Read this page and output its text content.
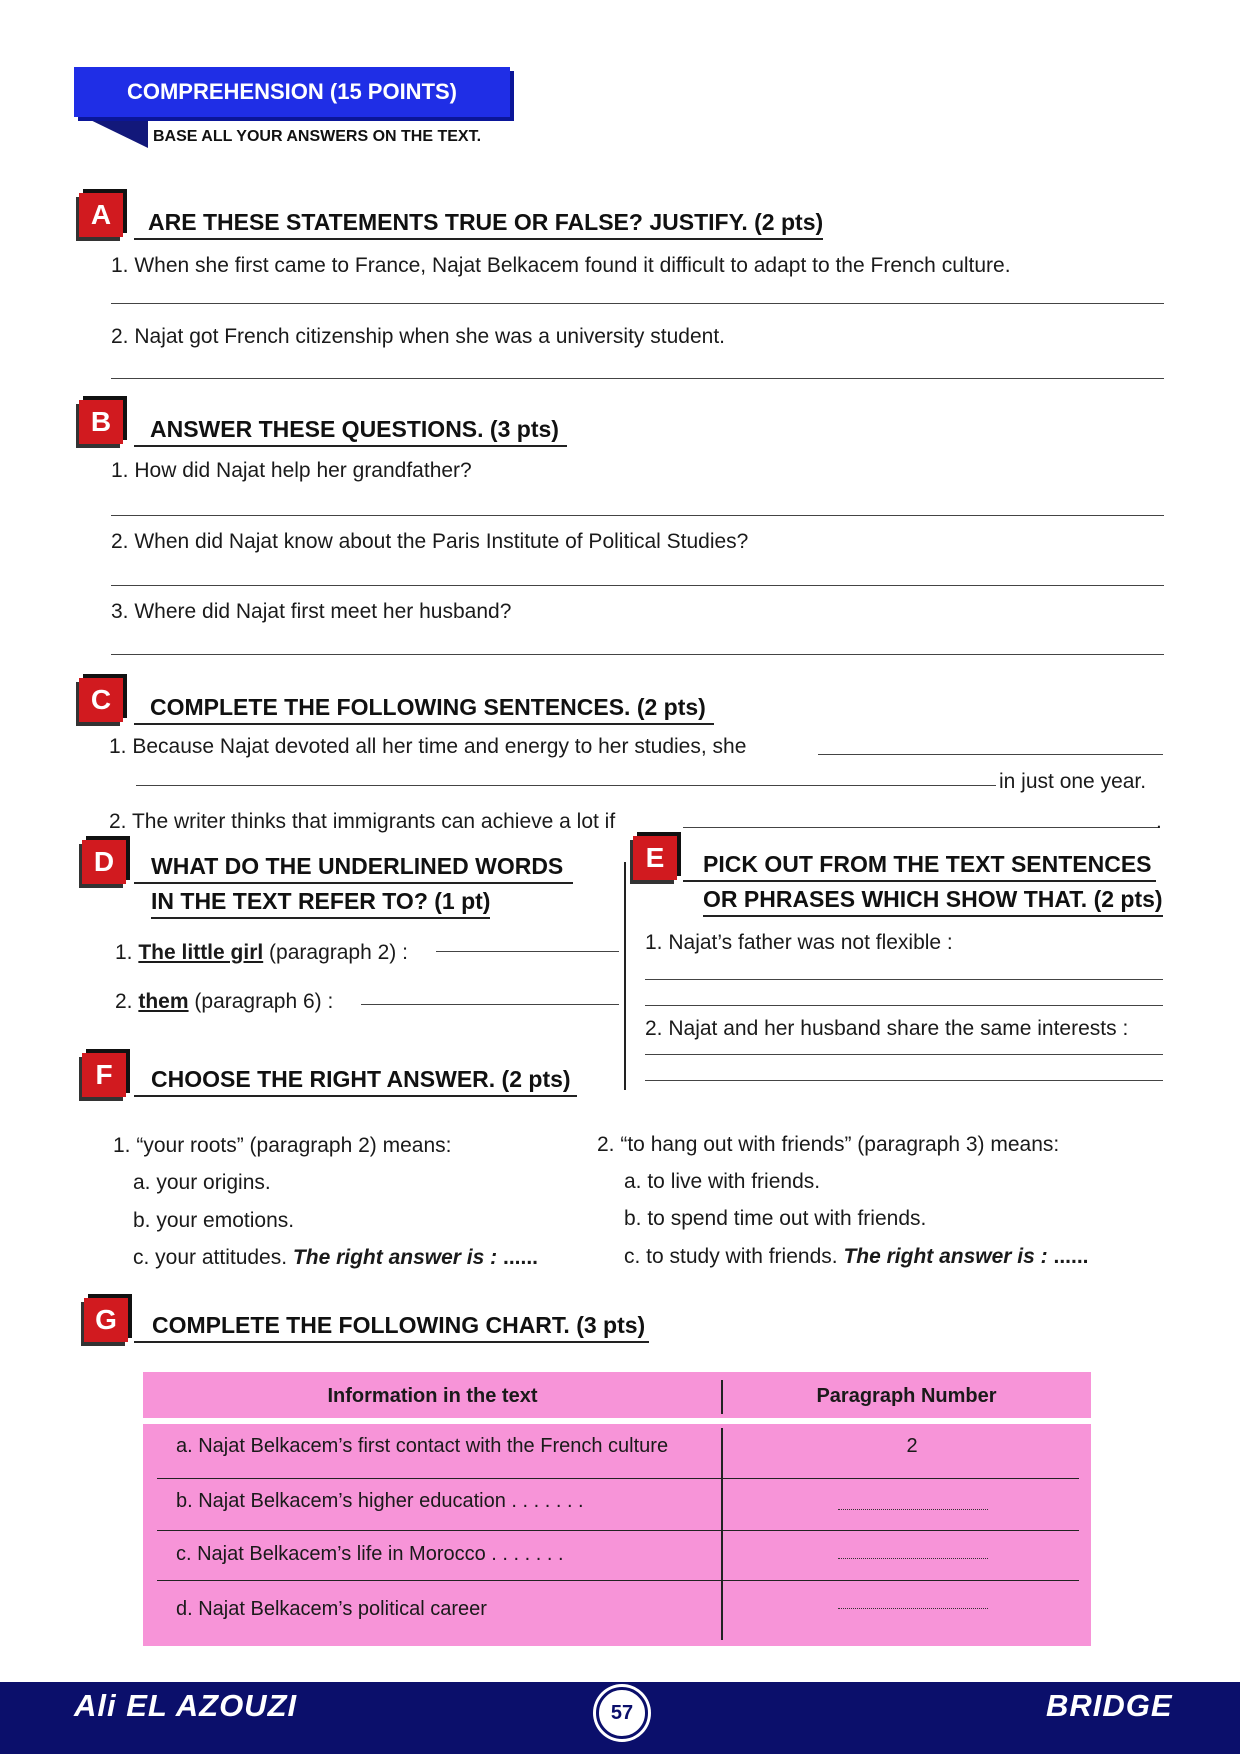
COMPREHENSION (15 POINTS)
BASE ALL YOUR ANSWERS ON THE TEXT.
A	ARE THESE STATEMENTS TRUE OR FALSE? JUSTIFY. (2 pts)
1. When she first came to France, Najat Belkacem found it difficult to adapt to the French culture.
2. Najat got French citizenship when she was a university student.
B	ANSWER THESE QUESTIONS. (3 pts)
1. How did Najat help her grandfather?
2. When did Najat know about the Paris Institute of Political Studies?
3. Where did Najat first meet her husband?
C	COMPLETE THE FOLLOWING SENTENCES. (2 pts)
1. Because Najat devoted all her time and energy to her studies, she
in just one year.
2. The writer thinks that immigrants can achieve a lot if	.
D	WHAT DO THE UNDERLINED WORDS
IN THE TEXT REFER TO? (1 pt)
1. The little girl (paragraph 2) :
2. them (paragraph 6) :
E	PICK OUT FROM THE TEXT SENTENCES
OR PHRASES WHICH SHOW THAT. (2 pts)
1. Najat’s father was not flexible :
2. Najat and her husband share the same interests :
F	CHOOSE THE RIGHT ANSWER. (2 pts)
1. “your roots” (paragraph 2) means:
a. your origins.
b. your emotions.
c. your attitudes. The right answer is : ......
2. “to hang out with friends” (paragraph 3) means:
a. to live with friends.
b. to spend time out with friends.
c. to study with friends. The right answer is : ......
G	COMPLETE THE FOLLOWING CHART. (3 pts)
Information in the text	Paragraph Number
a. Najat Belkacem’s first contact with the French culture	2
b. Najat Belkacem’s higher education . . . . . . .
c. Najat Belkacem’s life in Morocco . . . . . . .
d. Najat Belkacem’s political career
Ali EL AZOUZI	57	BRIDGE
